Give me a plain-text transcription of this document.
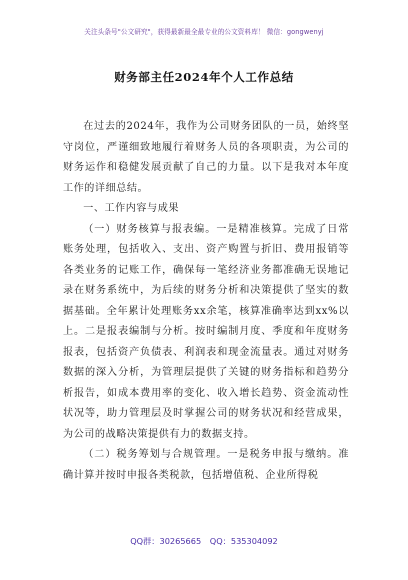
关注头条号"公文研究"，获得最新最全最专业的公文资料库！ 微信：gongwenyj
财务部主任2024年个人工作总结

在过去的2024年，我作为公司财务团队的一员，始终坚守岗位，严谨细致地履行着财务人员的各项职责，为公司的财务运作和稳健发展贡献了自己的力量。以下是我对本年度工作的详细总结。

一、工作内容与成果

（一）财务核算与报表编。一是精准核算。完成了日常账务处理，包括收入、支出、资产购置与折旧、费用报销等各类业务的记账工作，确保每一笔经济业务都准确无误地记录在财务系统中，为后续的财务分析和决策提供了坚实的数据基础。全年累计处理账务xx余笔，核算准确率达到xx%以上。二是报表编制与分析。按时编制月度、季度和年度财务报表，包括资产负债表、利润表和现金流量表。通过对财务数据的深入分析，为管理层提供了关键的财务指标和趋势分析报告，如成本费用率的变化、收入增长趋势、资金流动性状况等，助力管理层及时掌握公司的财务状况和经营成果，为公司的战略决策提供有力的数据支持。

（二）税务筹划与合规管理。一是税务申报与缴纳。准确计算并按时申报各类税款，包括增值税、企业所得税

QQ群：30265665 QQ：535304092
